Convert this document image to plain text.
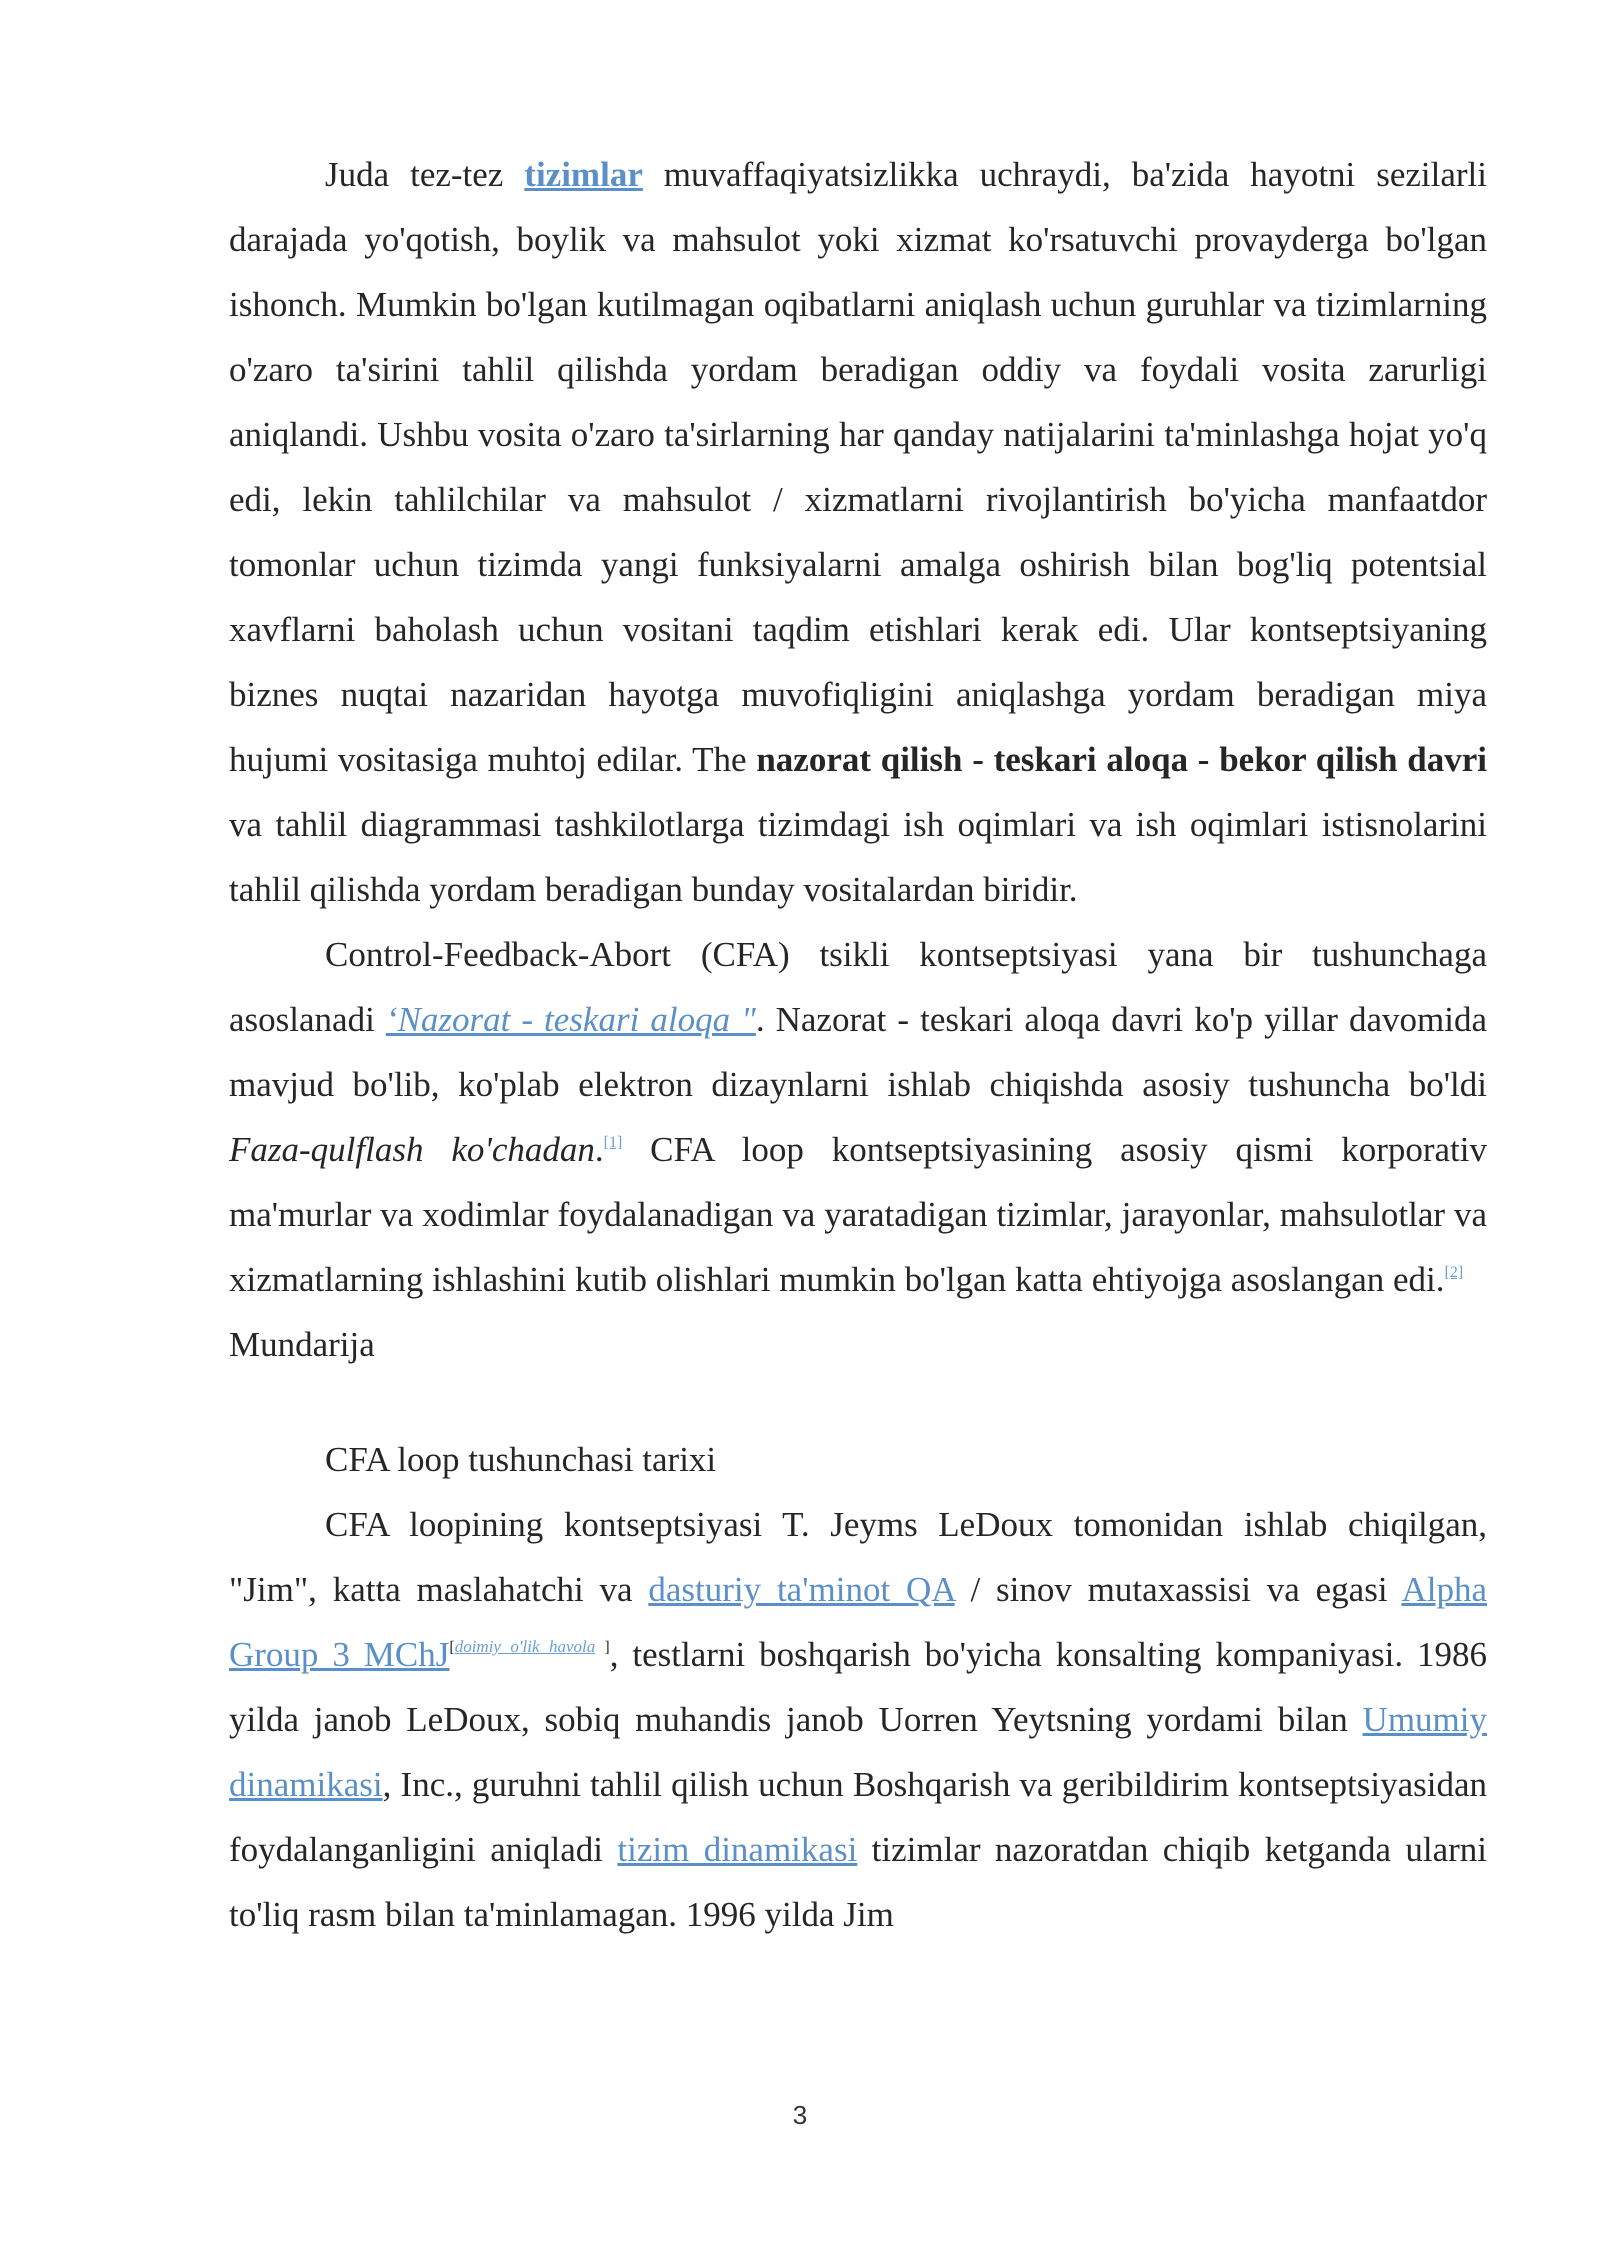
Juda tez-tez tizimlar muvaffaqiyatsizlikka uchraydi, ba'zida hayotni sezilarli darajada yo'qotish, boylik va mahsulot yoki xizmat ko'rsatuvchi provayderga bo'lgan ishonch. Mumkin bo'lgan kutilmagan oqibatlarni aniqlash uchun guruhlar va tizimlarning o'zaro ta'sirini tahlil qilishda yordam beradigan oddiy va foydali vosita zarurligi aniqlandi. Ushbu vosita o'zaro ta'sirlarning har qanday natijalarini ta'minlashga hojat yo'q edi, lekin tahlilchilar va mahsulot / xizmatlarni rivojlantirish bo'yicha manfaatdor tomonlar uchun tizimda yangi funksiyalarni amalga oshirish bilan bog'liq potentsial xavflarni baholash uchun vositani taqdim etishlari kerak edi. Ular kontseptsiyaning biznes nuqtai nazaridan hayotga muvofiqligini aniqlashga yordam beradigan miya hujumi vositasiga muhtoj edilar. The nazorat qilish - teskari aloqa - bekor qilish davri va tahlil diagrammasi tashkilotlarga tizimdagi ish oqimlari va ish oqimlari istisnolarini tahlil qilishda yordam beradigan bunday vositalardan biridir.

Control-Feedback-Abort (CFA) tsikli kontseptsiyasi yana bir tushunchaga asoslanadi ‘Nazorat - teskari aloqa ". Nazorat - teskari aloqa davri ko'p yillar davomida mavjud bo'lib, ko'plab elektron dizaynlarni ishlab chiqishda asosiy tushuncha bo'ldi Faza-qulflash ko'chadan.[1] CFA loop kontseptsiyasining asosiy qismi korporativ ma'murlar va xodimlar foydalanadigan va yaratadigan tizimlar, jarayonlar, mahsulotlar va xizmatlarning ishlashini kutib olishlari mumkin bo'lgan katta ehtiyojga asoslangan edi.[2]

Mundarija

CFA loop tushunchasi tarixi

CFA loopining kontseptsiyasi T. Jeyms LeDoux tomonidan ishlab chiqilgan, "Jim", katta maslahatchi va dasturiy ta'minot QA / sinov mutaxassisi va egasi Alpha Group 3 MChJ[doimiy o'lik havola ], testlarni boshqarish bo'yicha konsalting kompaniyasi. 1986 yilda janob LeDoux, sobiq muhandis janob Uorren Yeytsning yordami bilan Umumiy dinamikasi, Inc., guruhni tahlil qilish uchun Boshqarish va geribildirim kontseptsiyasidan foydalanganligini aniqladi tizim dinamikasi tizimlar nazoratdan chiqib ketganda ularni to'liq rasm bilan ta'minlamagan. 1996 yilda Jim

3
